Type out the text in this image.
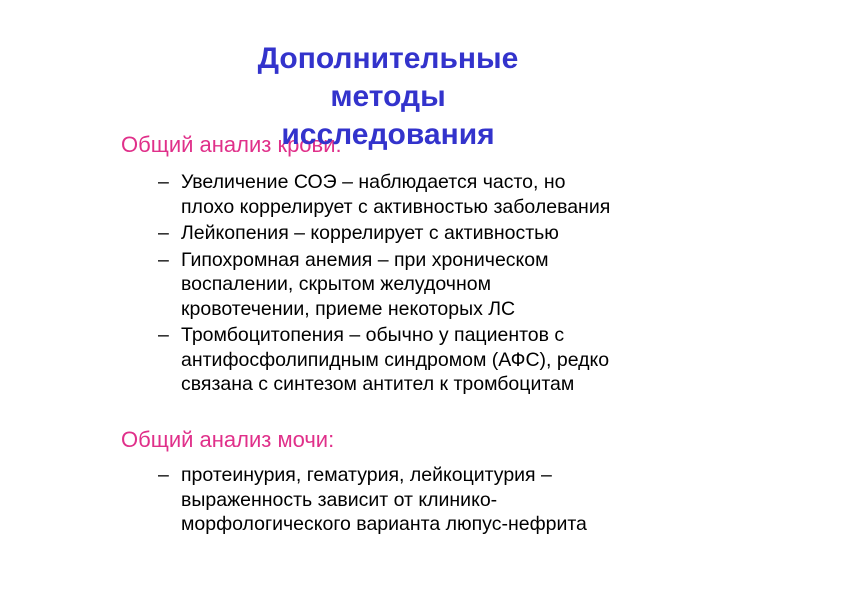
Дополнительные
методы
исследования
Общий анализ крови:
– Увеличение СОЭ – наблюдается часто, но
плохо коррелирует с активностью заболевания
– Лейкопения – коррелирует с активностью
– Гипохромная анемия – при хроническом
воспалении, скрытом желудочном
кровотечении, приеме некоторых ЛС
– Тромбоцитопения – обычно у пациентов с
антифосфолипидным синдромом (АФС), редко
связана с синтезом антител к тромбоцитам
Общий анализ мочи:
– протеинурия, гематурия, лейкоцитурия –
выраженность зависит от клинико-
морфологического варианта люпус-нефрита
